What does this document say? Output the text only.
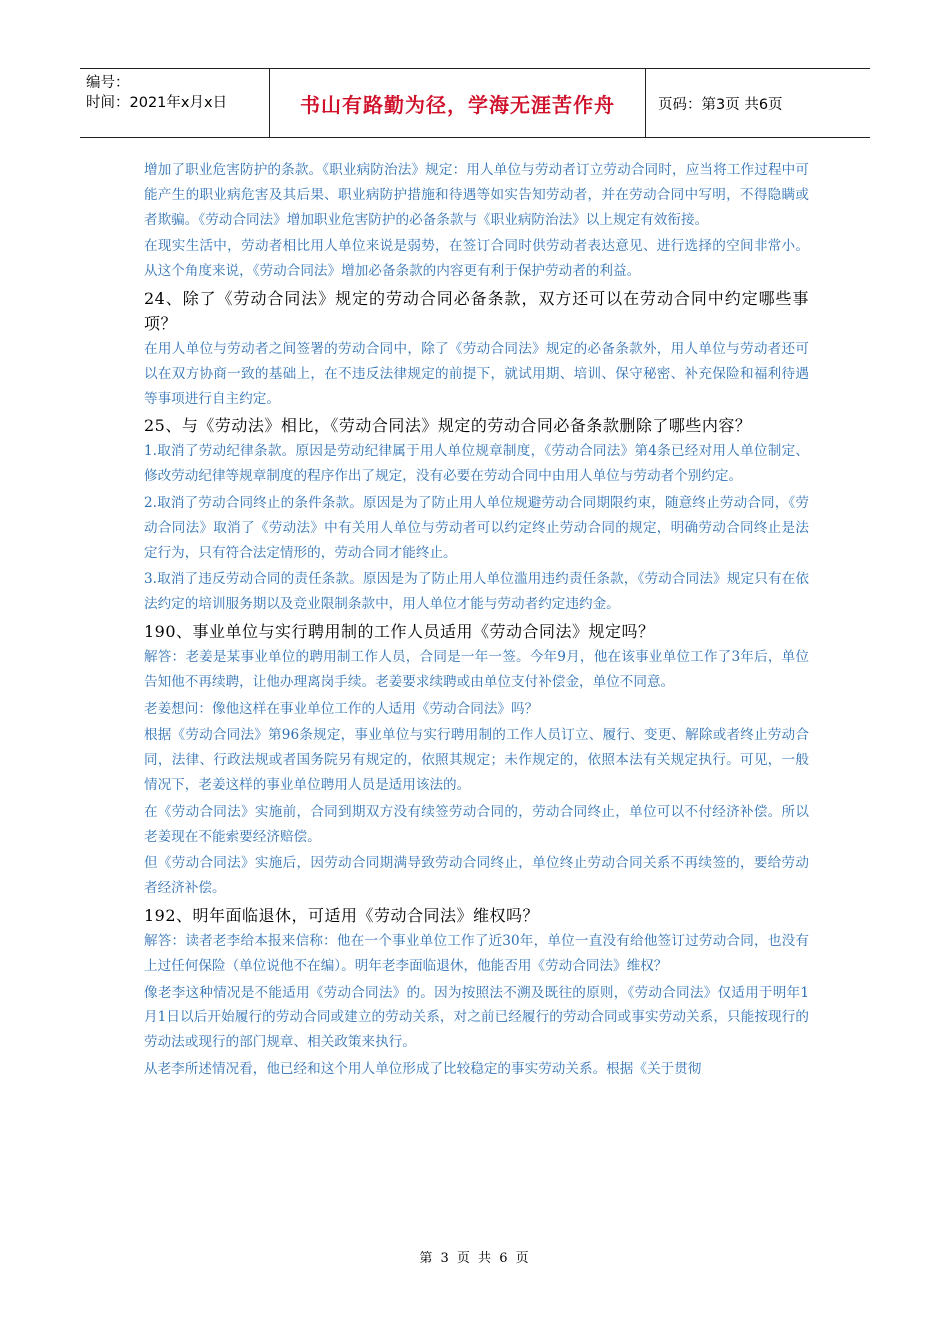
编号：
时间：2021年x月x日	书山有路勤为径，学海无涯苦作舟	页码：第3页 共6页
增加了职业危害防护的条款。《职业病防治法》规定：用人单位与劳动者订立劳动合同时，应当将工作过程中可能产生的职业病危害及其后果、职业病防护措施和待遇等如实告知劳动者，并在劳动合同中写明，不得隐瞒或者欺骗。《劳动合同法》增加职业危害防护的必备条款与《职业病防治法》以上规定有效衔接。
在现实生活中，劳动者相比用人单位来说是弱势，在签订合同时供劳动者表达意见、进行选择的空间非常小。从这个角度来说，《劳动合同法》增加必备条款的内容更有利于保护劳动者的利益。
24、除了《劳动合同法》规定的劳动合同必备条款，双方还可以在劳动合同中约定哪些事项？
在用人单位与劳动者之间签署的劳动合同中，除了《劳动合同法》规定的必备条款外，用人单位与劳动者还可以在双方协商一致的基础上，在不违反法律规定的前提下，就试用期、培训、保守秘密、补充保险和福利待遇等事项进行自主约定。
25、与《劳动法》相比，《劳动合同法》规定的劳动合同必备条款删除了哪些内容？
1.取消了劳动纪律条款。原因是劳动纪律属于用人单位规章制度，《劳动合同法》第4条已经对用人单位制定、修改劳动纪律等规章制度的程序作出了规定，没有必要在劳动合同中由用人单位与劳动者个别约定。
2.取消了劳动合同终止的条件条款。原因是为了防止用人单位规避劳动合同期限约束，随意终止劳动合同，《劳动合同法》取消了《劳动法》中有关用人单位与劳动者可以约定终止劳动合同的规定，明确劳动合同终止是法定行为，只有符合法定情形的，劳动合同才能终止。
3.取消了违反劳动合同的责任条款。原因是为了防止用人单位滥用违约责任条款，《劳动合同法》规定只有在依法约定的培训服务期以及竞业限制条款中，用人单位才能与劳动者约定违约金。
190、事业单位与实行聘用制的工作人员适用《劳动合同法》规定吗？
解答：老姜是某事业单位的聘用制工作人员，合同是一年一签。今年9月，他在该事业单位工作了3年后，单位告知他不再续聘，让他办理离岗手续。老姜要求续聘或由单位支付补偿金，单位不同意。
老姜想问：像他这样在事业单位工作的人适用《劳动合同法》吗？
根据《劳动合同法》第96条规定，事业单位与实行聘用制的工作人员订立、履行、变更、解除或者终止劳动合同，法律、行政法规或者国务院另有规定的，依照其规定；未作规定的，依照本法有关规定执行。可见，一般情况下，老姜这样的事业单位聘用人员是适用该法的。
在《劳动合同法》实施前，合同到期双方没有续签劳动合同的，劳动合同终止，单位可以不付经济补偿。所以老姜现在不能索要经济赔偿。
但《劳动合同法》实施后，因劳动合同期满导致劳动合同终止，单位终止劳动合同关系不再续签的，要给劳动者经济补偿。
192、明年面临退休，可适用《劳动合同法》维权吗？
解答：读者老李给本报来信称：他在一个事业单位工作了近30年，单位一直没有给他签订过劳动合同，也没有上过任何保险（单位说他不在编）。明年老李面临退休，他能否用《劳动合同法》维权？
像老李这种情况是不能适用《劳动合同法》的。因为按照法不溯及既往的原则，《劳动合同法》仅适用于明年1月1日以后开始履行的劳动合同或建立的劳动关系，对之前已经履行的劳动合同或事实劳动关系，只能按现行的劳动法或现行的部门规章、相关政策来执行。
从老李所述情况看，他已经和这个用人单位形成了比较稳定的事实劳动关系。根据《关于贯彻
第 3 页 共 6 页
